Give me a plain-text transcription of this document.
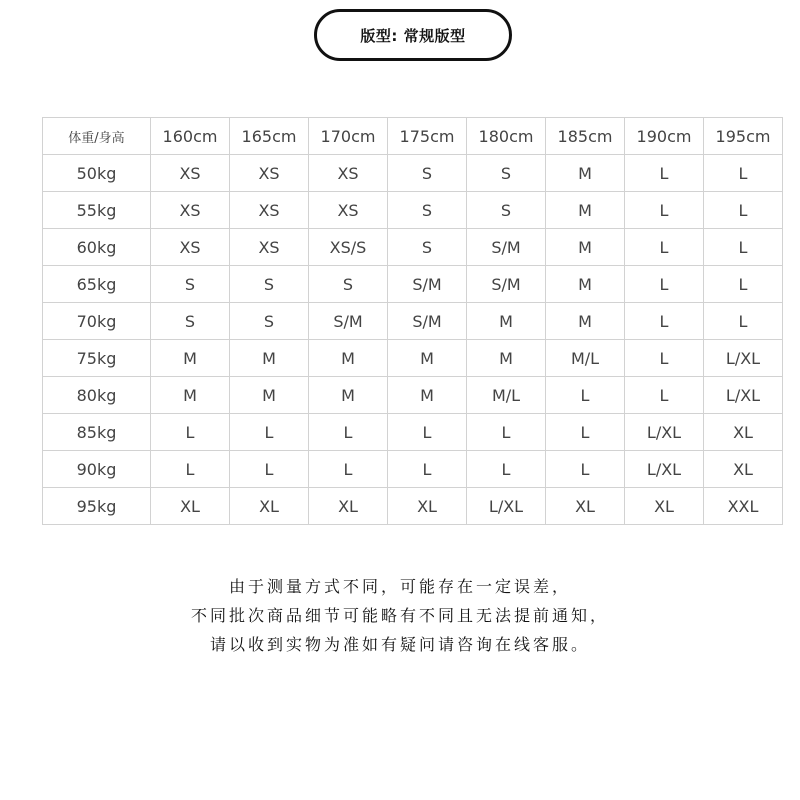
版型: 常规版型
体重/身高	160cm	165cm	170cm	175cm	180cm	185cm	190cm	195cm
50kg	XS	XS	XS	S	S	M	L	L
55kg	XS	XS	XS	S	S	M	L	L
60kg	XS	XS	XS/S	S	S/M	M	L	L
65kg	S	S	S	S/M	S/M	M	L	L
70kg	S	S	S/M	S/M	M	M	L	L
75kg	M	M	M	M	M	M/L	L	L/XL
80kg	M	M	M	M	M/L	L	L	L/XL
85kg	L	L	L	L	L	L	L/XL	XL
90kg	L	L	L	L	L	L	L/XL	XL
95kg	XL	XL	XL	XL	L/XL	XL	XL	XXL
由于测量方式不同，可能存在一定误差，
不同批次商品细节可能略有不同且无法提前通知，
请以收到实物为准如有疑问请咨询在线客服。
